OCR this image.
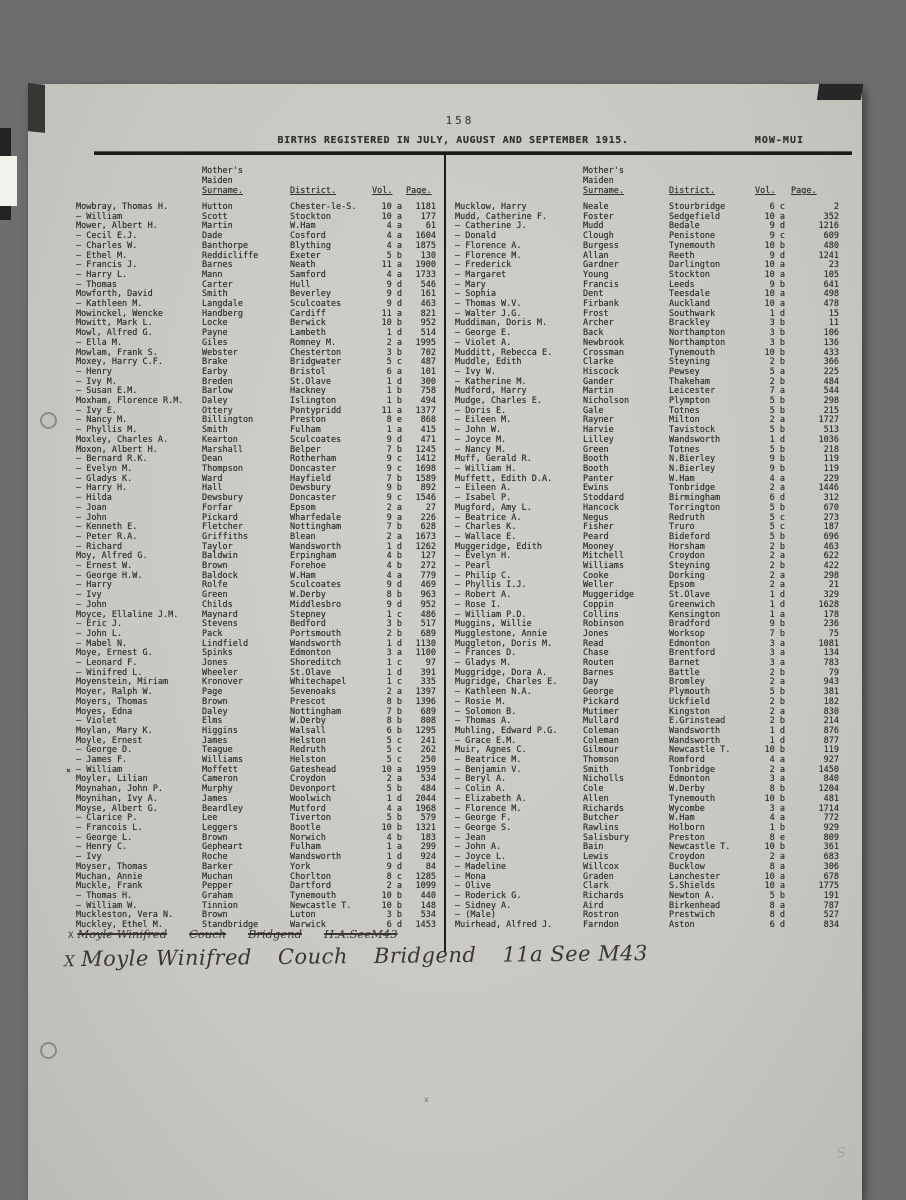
158
BIRTHS REGISTERED IN JULY, AUGUST AND SEPTEMBER 1915.	MOW-MUI
Mother's
Maiden
Surname.	District.	Vol. Page.
Mother's
Maiden
Surname.	District.	Vol. Page.
Mowbray, Thomas H.	Hutton	Chester-le-S.	10 a	1181
— William	Scott	Stockton	10 a	177
Mower, Albert H.	Martin	W.Ham	4 a	61
— Cecil E.J.	Dade	Cosford	4 a	1604
— Charles W.	Banthorpe	Blything	4 a	1875
— Ethel M.	Reddicliffe	Exeter	5 b	130
— Francis J.	Barnes	Neath	11 a	1900
— Harry L.	Mann	Samford	4 a	1733
— Thomas	Carter	Hull	9 d	546
Mowforth, David	Smith	Beverley	9 d	161
— Kathleen M.	Langdale	Sculcoates	9 d	463
Mowinckel, Wencke	Handberg	Cardiff	11 a	821
Mowitt, Mark L.	Locke	Berwick	10 b	952
Mowl, Alfred G.	Payne	Lambeth	1 d	514
— Ella M.	Giles	Romney M.	2 a	1995
Mowlam, Frank S.	Webster	Chesterton	3 b	702
Moxey, Harry C.F.	Brake	Bridgwater	5 c	487
— Henry	Earby	Bristol	6 a	101
— Ivy M.	Breden	St.Olave	1 d	300
— Susan E.M.	Barlow	Hackney	1 b	758
Moxham, Florence R.M.	Daley	Islington	1 b	494
— Ivy E.	Ottery	Pontypridd	11 a	1377
— Nancy M.	Billington	Preston	8 e	868
— Phyllis M.	Smith	Fulham	1 a	415
Moxley, Charles A.	Kearton	Sculcoates	9 d	471
Moxon, Albert H.	Marshall	Belper	7 b	1245
— Bernard R.K.	Dean	Rotherham	9 c	1412
— Evelyn M.	Thompson	Doncaster	9 c	1698
— Gladys K.	Ward	Hayfield	7 b	1589
— Harry H.	Hall	Dewsbury	9 b	892
— Hilda	Dewsbury	Doncaster	9 c	1546
— Joan	Forfar	Epsom	2 a	27
— John	Pickard	Wharfedale	9 a	226
— Kenneth E.	Fletcher	Nottingham	7 b	628
— Peter R.A.	Griffiths	Blean	2 a	1673
— Richard	Taylor	Wandsworth	1 d	1262
Moy, Alfred G.	Baldwin	Erpingham	4 b	127
— Ernest W.	Brown	Forehoe	4 b	272
— George H.W.	Baldock	W.Ham	4 a	779
— Harry	Rolfe	Sculcoates	9 d	469
— Ivy	Green	W.Derby	8 b	963
— John	Childs	Middlesbro	9 d	952
Moyce, Ellaline J.M.	Maynard	Stepney	1 c	486
— Eric J.	Stevens	Bedford	3 b	517
— John L.	Pack	Portsmouth	2 b	689
— Mabel N.	Lindfield	Wandsworth	1 d	1130
Moye, Ernest G.	Spinks	Edmonton	3 a	1100
— Leonard F.	Jones	Shoreditch	1 c	97
— Winifred L.	Wheeler	St.Olave	1 d	391
Moyenstein, Miriam	Kronover	Whitechapel	1 c	335
Moyer, Ralph W.	Page	Sevenoaks	2 a	1397
Moyers, Thomas	Brown	Prescot	8 b	1396
Moyes, Edna	Daley	Nottingham	7 b	689
— Violet	Elms	W.Derby	8 b	808
Moylan, Mary K.	Higgins	Walsall	6 b	1295
Moyle, Ernest	James	Helston	5 c	241
— George D.	Teague	Redruth	5 c	262
— James F.	Williams	Helston	5 c	250
× — William	Moffett	Gateshead	10 a	1959
Moyler, Lilian	Cameron	Croydon	2 a	534
Moynahan, John P.	Murphy	Devonport	5 b	484
Moynihan, Ivy A.	James	Woolwich	1 d	2044
Moyse, Albert G.	Beardley	Mutford	4 a	1968
— Clarice P.	Lee	Tiverton	5 b	579
— Francois L.	Leggers	Bootle	10 b	1321
— George L.	Brown	Norwich	4 b	183
— Henry C.	Gepheart	Fulham	1 a	299
— Ivy	Roche	Wandsworth	1 d	924
Moyser, Thomas	Barker	York	9 d	84
Muchan, Annie	Muchan	Chorlton	8 c	1285
Muckle, Frank	Pepper	Dartford	2 a	1099
— Thomas H.	Graham	Tynemouth	10 b	440
— William W.	Tinnion	Newcastle T.	10 b	148
Muckleston, Vera N.	Brown	Luton	3 b	534
Muckley, Ethel M.	Standbridge	Warwick	6 d	1453
Mucklow, Harry	Neale	Stourbridge	6 c	2
Mudd, Catherine F.	Foster	Sedgefield	10 a	352
— Catherine J.	Mudd	Bedale	9 d	1216
— Donald	Clough	Penistone	9 c	609
— Florence A.	Burgess	Tynemouth	10 b	480
— Florence M.	Allan	Reeth	9 d	1241
— Frederick	Gardner	Darlington	10 a	23
— Margaret	Young	Stockton	10 a	105
— Mary	Francis	Leeds	9 b	641
— Sophia	Dent	Teesdale	10 a	498
— Thomas W.V.	Firbank	Auckland	10 a	478
— Walter J.G.	Frost	Southwark	1 d	15
Muddiman, Doris M.	Archer	Brackley	3 b	11
— George E.	Back	Northampton	3 b	106
— Violet A.	Newbrook	Northampton	3 b	136
Mudditt, Rebecca E.	Crossman	Tynemouth	10 b	433
Muddle, Edith	Clarke	Steyning	2 b	366
— Ivy W.	Hiscock	Pewsey	5 a	225
— Katherine M.	Gander	Thakeham	2 b	484
Mudford, Harry	Martin	Leicester	7 a	544
Mudge, Charles E.	Nicholson	Plympton	5 b	298
— Doris E.	Gale	Totnes	5 b	215
— Eileen M.	Rayner	Milton	2 a	1727
— John W.	Harvie	Tavistock	5 b	513
— Joyce M.	Lilley	Wandsworth	1 d	1036
— Nancy M.	Green	Totnes	5 b	218
Muff, Gerald R.	Booth	N.Bierley	9 b	119
— William H.	Booth	N.Bierley	9 b	119
Muffett, Edith D.A.	Panter	W.Ham	4 a	229
— Eileen A.	Ewins	Tonbridge	2 a	1446
— Isabel P.	Stoddard	Birmingham	6 d	312
Mugford, Amy L.	Hancock	Torrington	5 b	670
— Beatrice A.	Negus	Redruth	5 c	273
— Charles K.	Fisher	Truro	5 c	187
— Wallace E.	Peard	Bideford	5 b	696
Muggeridge, Edith	Mooney	Horsham	2 b	463
— Evelyn H.	Mitchell	Croydon	2 a	622
— Pearl	Williams	Steyning	2 b	422
— Philip C.	Cooke	Dorking	2 a	298
— Phyllis I.J.	Weller	Epsom	2 a	21
— Robert A.	Muggeridge	St.Olave	1 d	329
— Rose I.	Coppin	Greenwich	1 d	1628
— William P.D.	Collins	Kensington	1 a	178
Muggins, Willie	Robinson	Bradford	9 b	236
Mugglestone, Annie	Jones	Worksop	7 b	75
Muggleton, Doris M.	Read	Edmonton	3 a	1081
— Frances D.	Chase	Brentford	3 a	134
— Gladys M.	Routen	Barnet	3 a	783
Muggridge, Dora A.	Barnes	Battle	2 b	79
Mugridge, Charles E.	Day	Bromley	2 a	943
— Kathleen N.A.	George	Plymouth	5 b	381
— Rosie M.	Pickard	Uckfield	2 b	182
— Solomon B.	Mutimer	Kingston	2 a	830
— Thomas A.	Mullard	E.Grinstead	2 b	214
Muhling, Edward P.G.	Coleman	Wandsworth	1 d	876
— Grace E.M.	Coleman	Wandsworth	1 d	877
Muir, Agnes C.	Gilmour	Newcastle T.	10 b	119
— Beatrice M.	Thomson	Romford	4 a	927
— Benjamin V.	Smith	Tonbridge	2 a	1450
— Beryl A.	Nicholls	Edmonton	3 a	840
— Colin A.	Cole	W.Derby	8 b	1204
— Elizabeth A.	Allen	Tynemouth	10 b	481
— Florence M.	Richards	Wycombe	3 a	1714
— George F.	Butcher	W.Ham	4 a	772
— George S.	Rawlins	Holborn	1 b	929
— Jean	Salisbury	Preston	8 e	809
— John A.	Bain	Newcastle T.	10 b	361
— Joyce L.	Lewis	Croydon	2 a	683
— Madeline	Willcox	Bucklow	8 a	306
— Mona	Graden	Lanchester	10 a	678
— Olive	Clark	S.Shields	10 a	1775
— Roderick G.	Richards	Newton A.	5 b	191
— Sidney A.	Aird	Birkenhead	8 a	787
— (Male)	Rostron	Prestwich	8 d	527
Muirhead, Alfred J.	Farndon	Aston	6 d	834
X Moyle Winifred Couch Bridgend H.A.SeeM43
X Moyle Winifred Couch Bridgend 11a See M43
x
S
